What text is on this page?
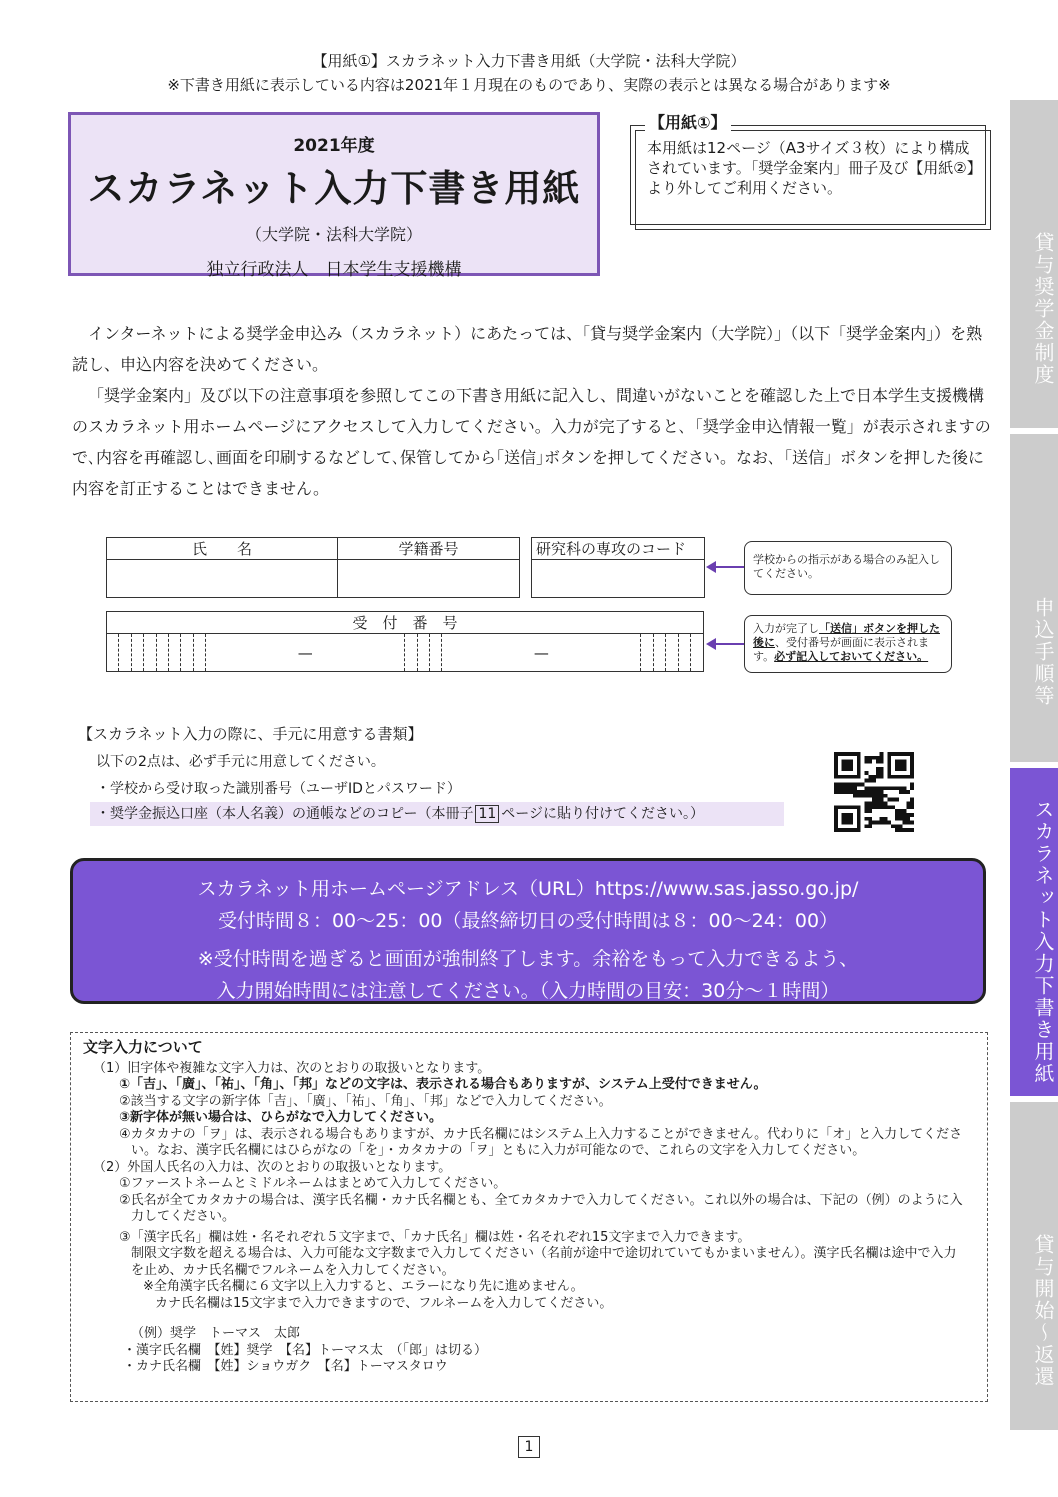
【用紙①】スカラネット入力下書き用紙（大学院・法科大学院）
※下書き用紙に表示している内容は2021年１月現在のものであり、実際の表示とは異なる場合があります※
2021年度
スカラネット入力下書き用紙
（大学院・法科大学院）
独立行政法人　日本学生支援機構
【用紙①】
本用紙は12ページ（A3サイズ３枚）により構成されています。「奨学金案内」冊子及び【用紙②】より外してご利用ください。

インターネットによる奨学金申込み（スカラネット）にあたっては、「貸与奨学金案内（大学院）」（以下「奨学金案内」）を熟読し、申込内容を決めてください。

「奨学金案内」及び以下の注意事項を参照してこの下書き用紙に記入し、間違いがないことを確認した上で日本学生支援機構のスカラネット用ホームページにアクセスして入力してください。入力が完了すると､「奨学金申込情報一覧」が表示されますので､内容を再確認し､画面を印刷するなどして､保管してから｢送信｣ボタンを押してください。なお､「送信」ボタンを押した後に内容を訂正することはできません。

氏　　名	学籍番号
		研究科の専攻のコード

学校からの指示がある場合のみ記入してください。
受　付　番　号
								—				—					
入力が完了し「送信」ボタンを押した後に、受付番号が画面に表示されます。必ず記入しておいてください。
【スカラネット入力の際に、手元に用意する書類】
以下の2点は、必ず手元に用意してください。
・学校から受け取った識別番号（ユーザIDとパスワード）
・奨学金振込口座（本人名義）の通帳などのコピー（本冊子 11 ページに貼り付けてください。）
スカラネット用ホームページアドレス（URL）https://www.sas.jasso.go.jp/
受付時間８：00〜25：00（最終締切日の受付時間は８：00〜24：00）
※受付時間を過ぎると画面が強制終了します。余裕をもって入力できるよう、
入力開始時間には注意してください。（入力時間の目安：30分〜１時間）
文字入力について
（1）旧字体や複雑な文字入力は、次のとおりの取扱いとなります。
①「吉」、「廣」、「祐」、「角」、「邦」などの文字は、表示される場合もありますが、システム上受付できません。
②該当する文字の新字体「吉」、「廣」、「祐」、「角」、「邦」などで入力してください。
③新字体が無い場合は、ひらがなで入力してください。
④カタカナの「ヲ」は、表示される場合もありますが、カナ氏名欄にはシステム上入力することができません。代わりに「オ」と入力してくださ
い。なお、漢字氏名欄にはひらがなの「を」・カタカナの「ヲ」ともに入力が可能なので、これらの文字を入力してください。
（2）外国人氏名の入力は、次のとおりの取扱いとなります。
①ファーストネームとミドルネームはまとめて入力してください。
②氏名が全てカタカナの場合は、漢字氏名欄・カナ氏名欄とも、全てカタカナで入力してください。これ以外の場合は、下記の（例）のように入
力してください。
③「漢字氏名」欄は姓・名それぞれ５文字まで、「カナ氏名」欄は姓・名それぞれ15文字まで入力できます。
制限文字数を超える場合は、入力可能な文字数まで入力してください（名前が途中で途切れていてもかまいません）。漢字氏名欄は途中で入力
を止め、カナ氏名欄でフルネームを入力してください。
※全角漢字氏名欄に６文字以上入力すると、エラーになり先に進めません。
カナ氏名欄は15文字まで入力できますので、フルネームを入力してください。
（例）奨学　トーマス　太郎
・漢字氏名欄　【姓】奨学　【名】トーマス太　（「郎」は切る）
・カナ氏名欄　【姓】ショウガク　【名】トーマスタロウ
貸与奨学金制度
申込手順等
スカラネット入力下書き用紙
貸与開始〜返還
1
